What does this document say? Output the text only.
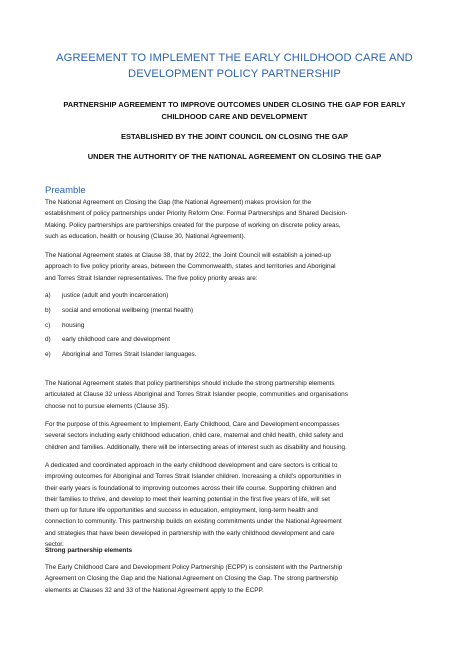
AGREEMENT TO IMPLEMENT THE EARLY CHILDHOOD CARE AND
DEVELOPMENT POLICY PARTNERSHIP
PARTNERSHIP AGREEMENT TO IMPROVE OUTCOMES UNDER CLOSING THE GAP FOR EARLY
CHILDHOOD CARE AND DEVELOPMENT
ESTABLISHED BY THE JOINT COUNCIL ON CLOSING THE GAP
UNDER THE AUTHORITY OF THE NATIONAL AGREEMENT ON CLOSING THE GAP
Preamble
The National Agreement on Closing the Gap (the National Agreement) makes provision for the
establishment of policy partnerships under Priority Reform One: Formal Partnerships and Shared Decision-
Making. Policy partnerships are partnerships created for the purpose of working on discrete policy areas,
such as education, health or housing (Clause 30, National Agreement).
The National Agreement states at Clause 38, that by 2022, the Joint Council will establish a joined-up
approach to five policy priority areas, between the Commonwealth, states and territories and Aboriginal
and Torres Strait Islander representatives. The five policy priority areas are:
a) justice (adult and youth incarceration)
b) social and emotional wellbeing (mental health)
c) housing
d) early childhood care and development
e) Aboriginal and Torres Strait Islander languages.
The National Agreement states that policy partnerships should include the strong partnership elements
articulated at Clause 32 unless Aboriginal and Torres Strait Islander people, communities and organisations
choose not to pursue elements (Clause 35).
For the purpose of this Agreement to Implement, Early Childhood, Care and Development encompasses
several sectors including early childhood education, child care, maternal and child health, child safety and
children and families. Additionally, there will be intersecting areas of interest such as disability and housing.
A dedicated and coordinated approach in the early childhood development and care sectors is critical to
improving outcomes for Aboriginal and Torres Strait Islander children. Increasing a child's opportunities in
their early years is foundational to improving outcomes across their life course. Supporting children and
their families to thrive, and develop to meet their learning potential in the first five years of life, will set
them up for future life opportunities and success in education, employment, long-term health and
connection to community. This partnership builds on existing commitments under the National Agreement
and strategies that have been developed in partnership with the early childhood development and care
sector.
Strong partnership elements
The Early Childhood Care and Development Policy Partnership (ECPP) is consistent with the Partnership
Agreement on Closing the Gap and the National Agreement on Closing the Gap. The strong partnership
elements at Clauses 32 and 33 of the National Agreement apply to the ECPP.
